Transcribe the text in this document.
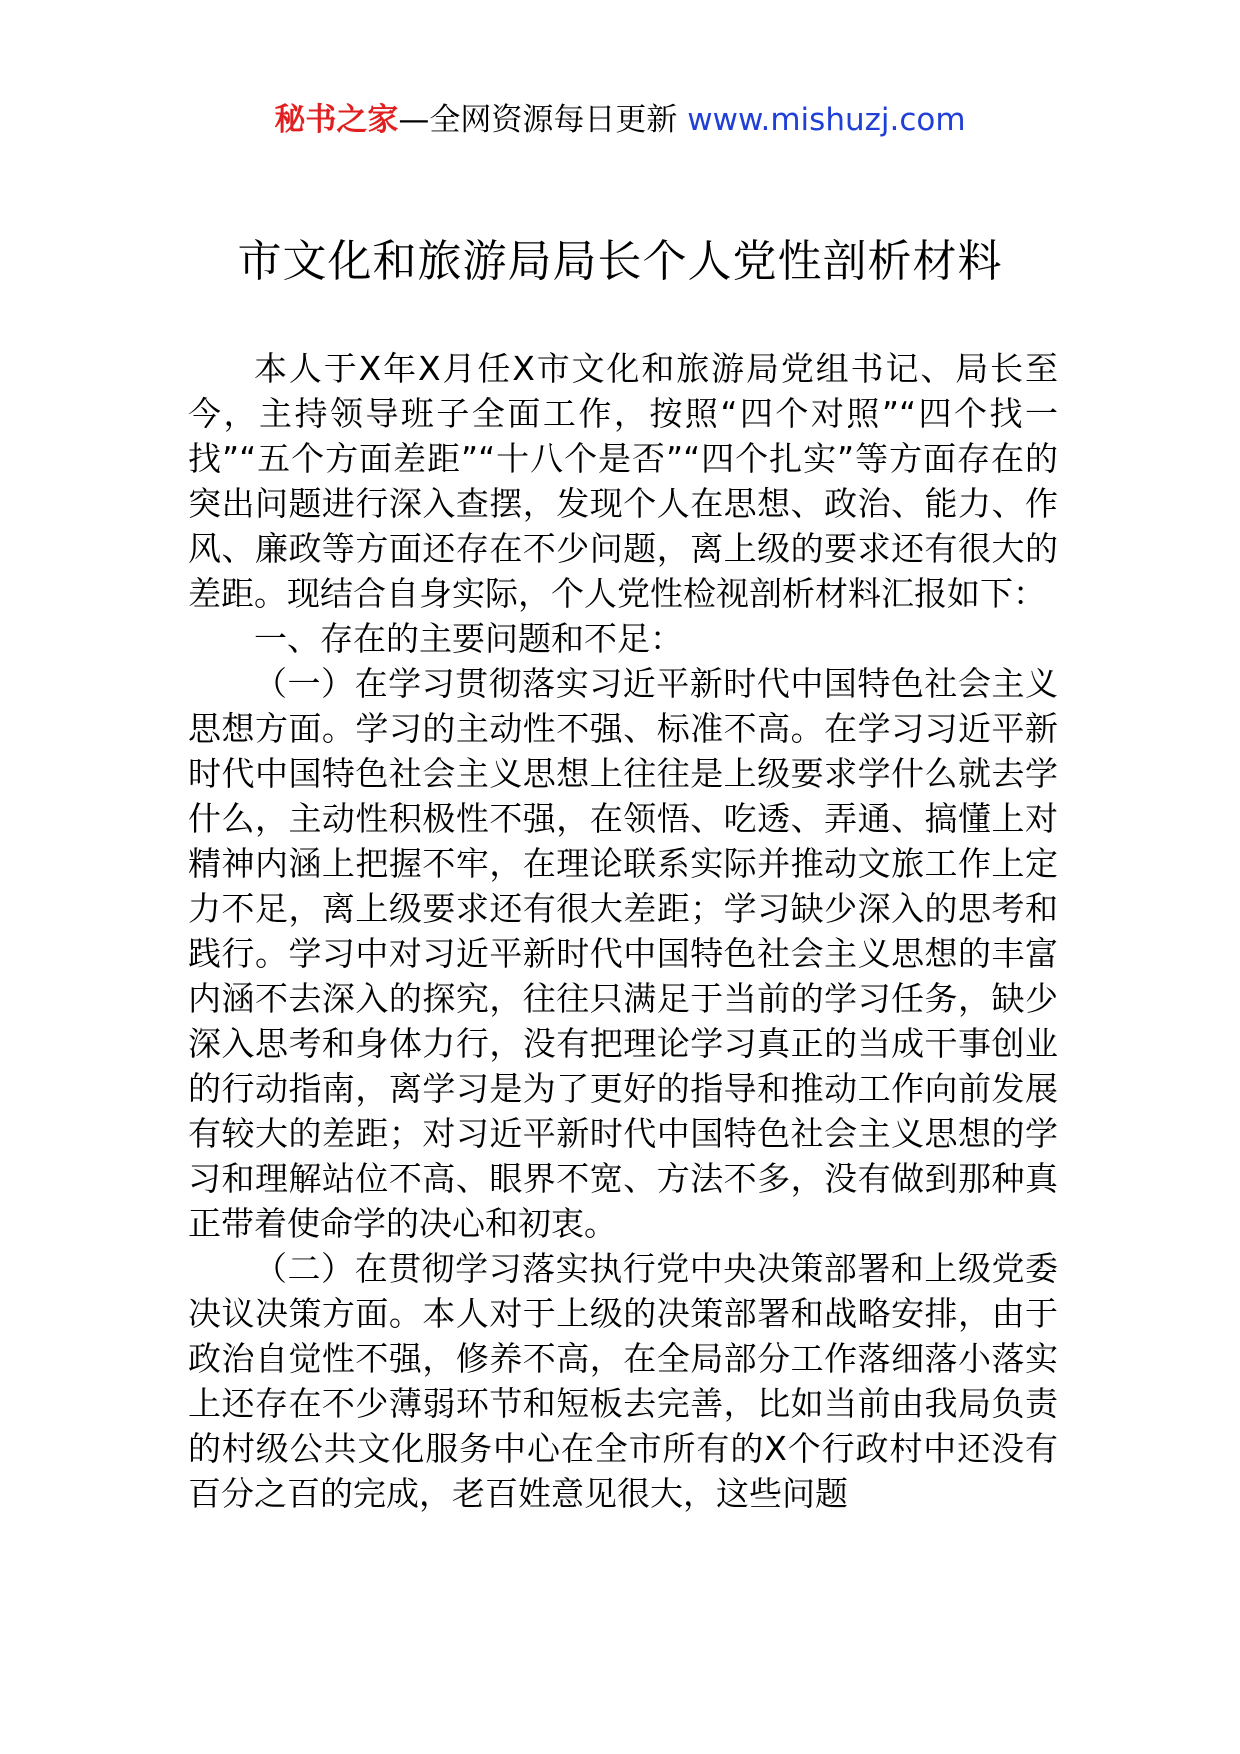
秘书之家—全网资源每日更新 www.mishuzj.com
市文化和旅游局局长个人党性剖析材料

本人于X年X月任X市文化和旅游局党组书记、局长至今，主持领导班子全面工作，按照“四个对照”“四个找一找”“五个方面差距”“十八个是否”“四个扎实”等方面存在的突出问题进行深入查摆，发现个人在思想、政治、能力、作风、廉政等方面还存在不少问题，离上级的要求还有很大的差距。现结合自身实际，个人党性检视剖析材料汇报如下：

一、存在的主要问题和不足：

（一）在学习贯彻落实习近平新时代中国特色社会主义思想方面。学习的主动性不强、标准不高。在学习习近平新时代中国特色社会主义思想上往往是上级要求学什么就去学什么，主动性积极性不强，在领悟、吃透、弄通、搞懂上对精神内涵上把握不牢，在理论联系实际并推动文旅工作上定力不足，离上级要求还有很大差距；学习缺少深入的思考和践行。学习中对习近平新时代中国特色社会主义思想的丰富内涵不去深入的探究，往往只满足于当前的学习任务，缺少深入思考和身体力行，没有把理论学习真正的当成干事创业的行动指南，离学习是为了更好的指导和推动工作向前发展有较大的差距；对习近平新时代中国特色社会主义思想的学习和理解站位不高、眼界不宽、方法不多，没有做到那种真正带着使命学的决心和初衷。

（二）在贯彻学习落实执行党中央决策部署和上级党委决议决策方面。本人对于上级的决策部署和战略安排，由于政治自觉性不强，修养不高，在全局部分工作落细落小落实上还存在不少薄弱环节和短板去完善，比如当前由我局负责的村级公共文化服务中心在全市所有的X个行政村中还没有百分之百的完成，老百姓意见很大，这些问题
